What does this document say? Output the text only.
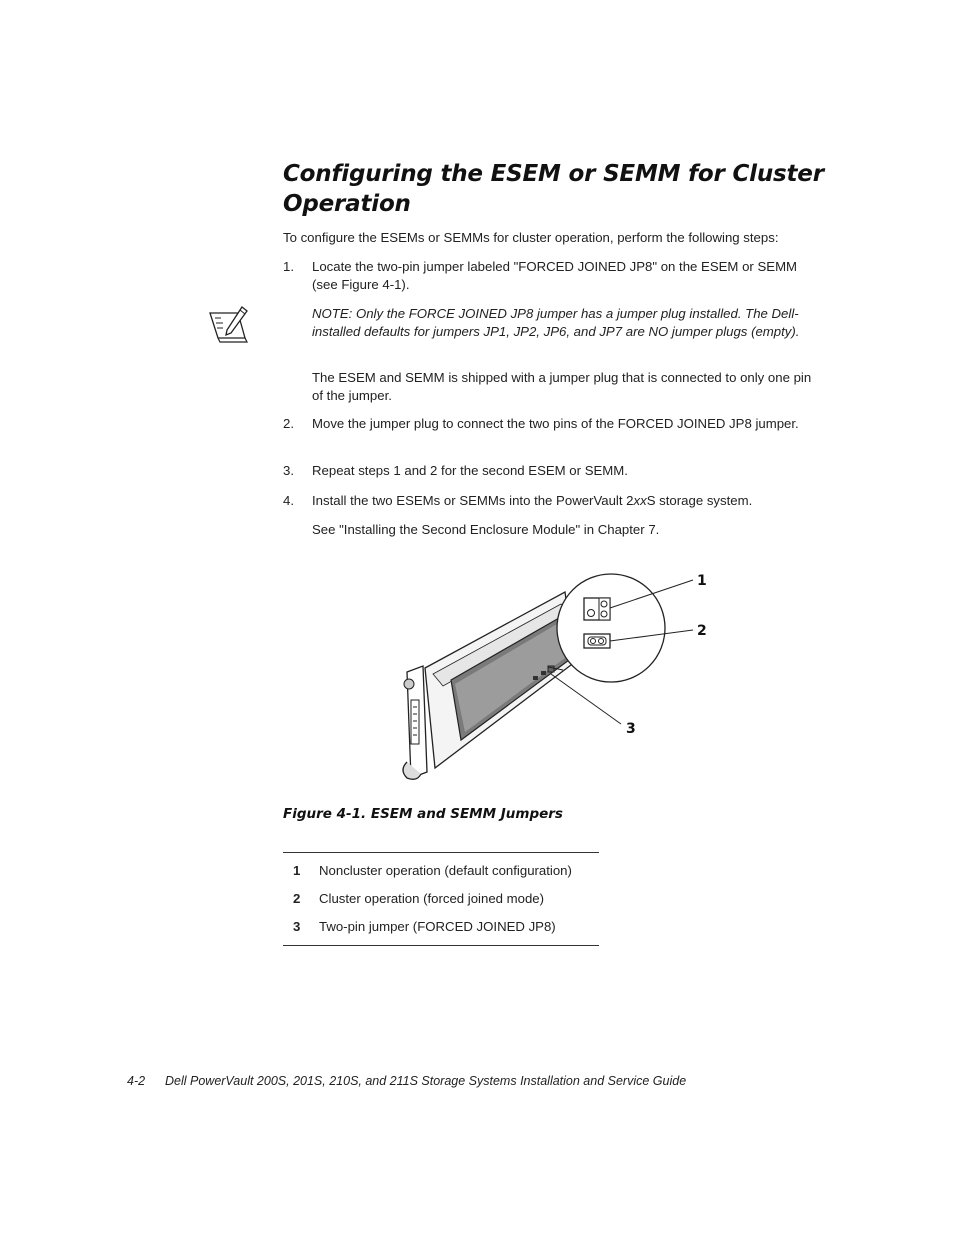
Configuring the ESEM or SEMM for Cluster Operation

To configure the ESEMs or SEMMs for cluster operation, perform the following steps:

1. Locate the two-pin jumper labeled "FORCED JOINED JP8" on the ESEM or SEMM (see Figure 4-1).

NOTE: Only the FORCE JOINED JP8 jumper has a jumper plug installed. The Dell-installed defaults for jumpers JP1, JP2, JP6, and JP7 are NO jumper plugs (empty).

The ESEM and SEMM is shipped with a jumper plug that is connected to only one pin of the jumper.

2. Move the jumper plug to connect the two pins of the FORCED JOINED JP8 jumper.

3. Repeat steps 1 and 2 for the second ESEM or SEMM.

4. Install the two ESEMs or SEMMs into the PowerVault 2xxS storage system.

See "Installing the Second Enclosure Module" in Chapter 7.

1
2
3
Figure 4-1. ESEM and SEMM Jumpers
1 Noncluster operation (default configuration)
2 Cluster operation (forced joined mode)
3 Two-pin jumper (FORCED JOINED JP8)
4-2 Dell PowerVault 200S, 201S, 210S, and 211S Storage Systems Installation and Service Guide
